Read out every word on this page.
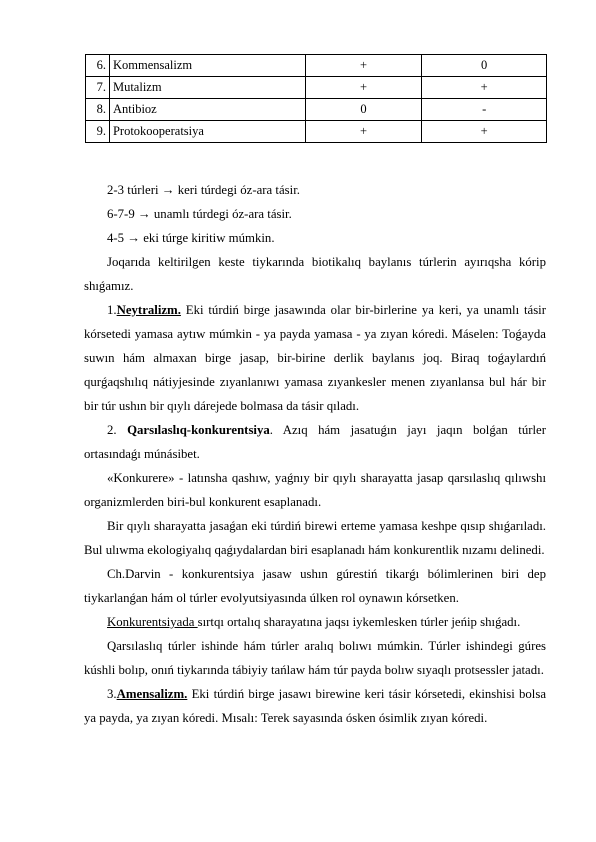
6.	Kommensalizm	+	0
7.	Mutalizm	+	+
8.	Antibioz	0	-
9.	Protokooperatsiya	+	+

2-3 túrleri → keri túrdegi óz-ara tásir.

6-7-9 → unamlı túrdegi óz-ara tásir.

4-5 → eki túrge kiritiw múmkin.

Joqarıda keltirilgen keste tiykarında biotikalıq baylanıs túrlerin ayırıqsha kórip shıǵamız.

1.Neytralizm. Eki túrdiń birge jasawında olar bir-birlerine ya keri, ya unamlı tásir kórsetedi yamasa aytıw múmkin - ya payda yamasa - ya zıyan kóredi. Máselen: Toǵayda suwın hám almaxan birge jasap, bir-birine derlik baylanıs joq. Biraq toǵaylardıń qurǵaqshılıq nátiyjesinde zıyanlanıwı yamasa zıyankesler menen zıyanlansa bul hár bir bir túr ushın bir qıylı dárejede bolmasa da tásir qıladı.

2. Qarsılaslıq-konkurentsiya. Azıq hám jasatuǵın jayı jaqın bolǵan túrler ortasındaǵı múnásibet.

«Konkurere» - latınsha qashıw, yaǵnıy bir qıylı sharayatta jasap qarsılaslıq qılıwshı organizmlerden biri-bul konkurent esaplanadı.

Bir qıylı sharayatta jasaǵan eki túrdiń birewi erteme yamasa keshpe qısıp shıǵarıladı. Bul ulıwma ekologiyalıq qaǵıydalardan biri esaplanadı hám konkurentlik nızamı delinedi.

Ch.Darvin - konkurentsiya jasaw ushın gúrestiń tikarǵı bólimlerinen biri dep tiykarlanǵan hám ol túrler evolyutsiyasında úlken rol oynawın kórsetken.

Konkurentsiyada sırtqı ortalıq sharayatına jaqsı iykemlesken túrler jeńip shıǵadı.

Qarsılaslıq túrler ishinde hám túrler aralıq bolıwı múmkin. Túrler ishindegi gúres kúshli bolıp, onıń tiykarında tábiyiy tańlaw hám túr payda bolıw sıyaqlı protsessler jatadı.

3.Amensalizm. Eki túrdiń birge jasawı birewine keri tásir kórsetedi, ekinshisi bolsa ya payda, ya zıyan kóredi. Mısalı: Terek sayasında ósken ósimlik zıyan kóredi.
